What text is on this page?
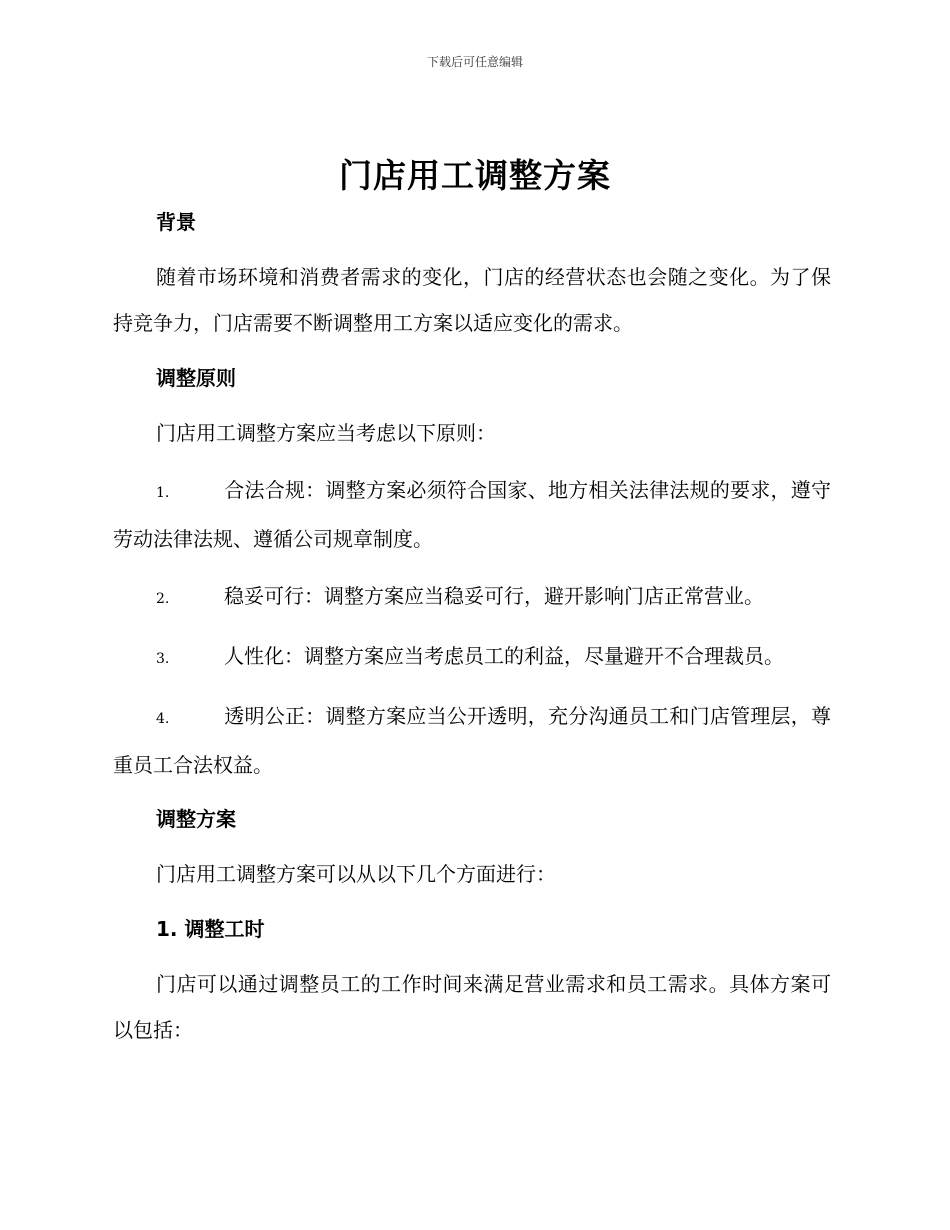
下载后可任意编辑
门店用工调整方案
背景

随着市场环境和消费者需求的变化，门店的经营状态也会随之变化。为了保持竞争力，门店需要不断调整用工方案以适应变化的需求。

调整原则

门店用工调整方案应当考虑以下原则：

1.	合法合规：调整方案必须符合国家、地方相关法律法规的要求，遵守劳动法律法规、遵循公司规章制度。

2.	稳妥可行：调整方案应当稳妥可行，避开影响门店正常营业。

3.	人性化：调整方案应当考虑员工的利益，尽量避开不合理裁员。

4.	透明公正：调整方案应当公开透明，充分沟通员工和门店管理层，尊重员工合法权益。

调整方案

门店用工调整方案可以从以下几个方面进行：

1. 调整工时

门店可以通过调整员工的工作时间来满足营业需求和员工需求。具体方案可以包括：
